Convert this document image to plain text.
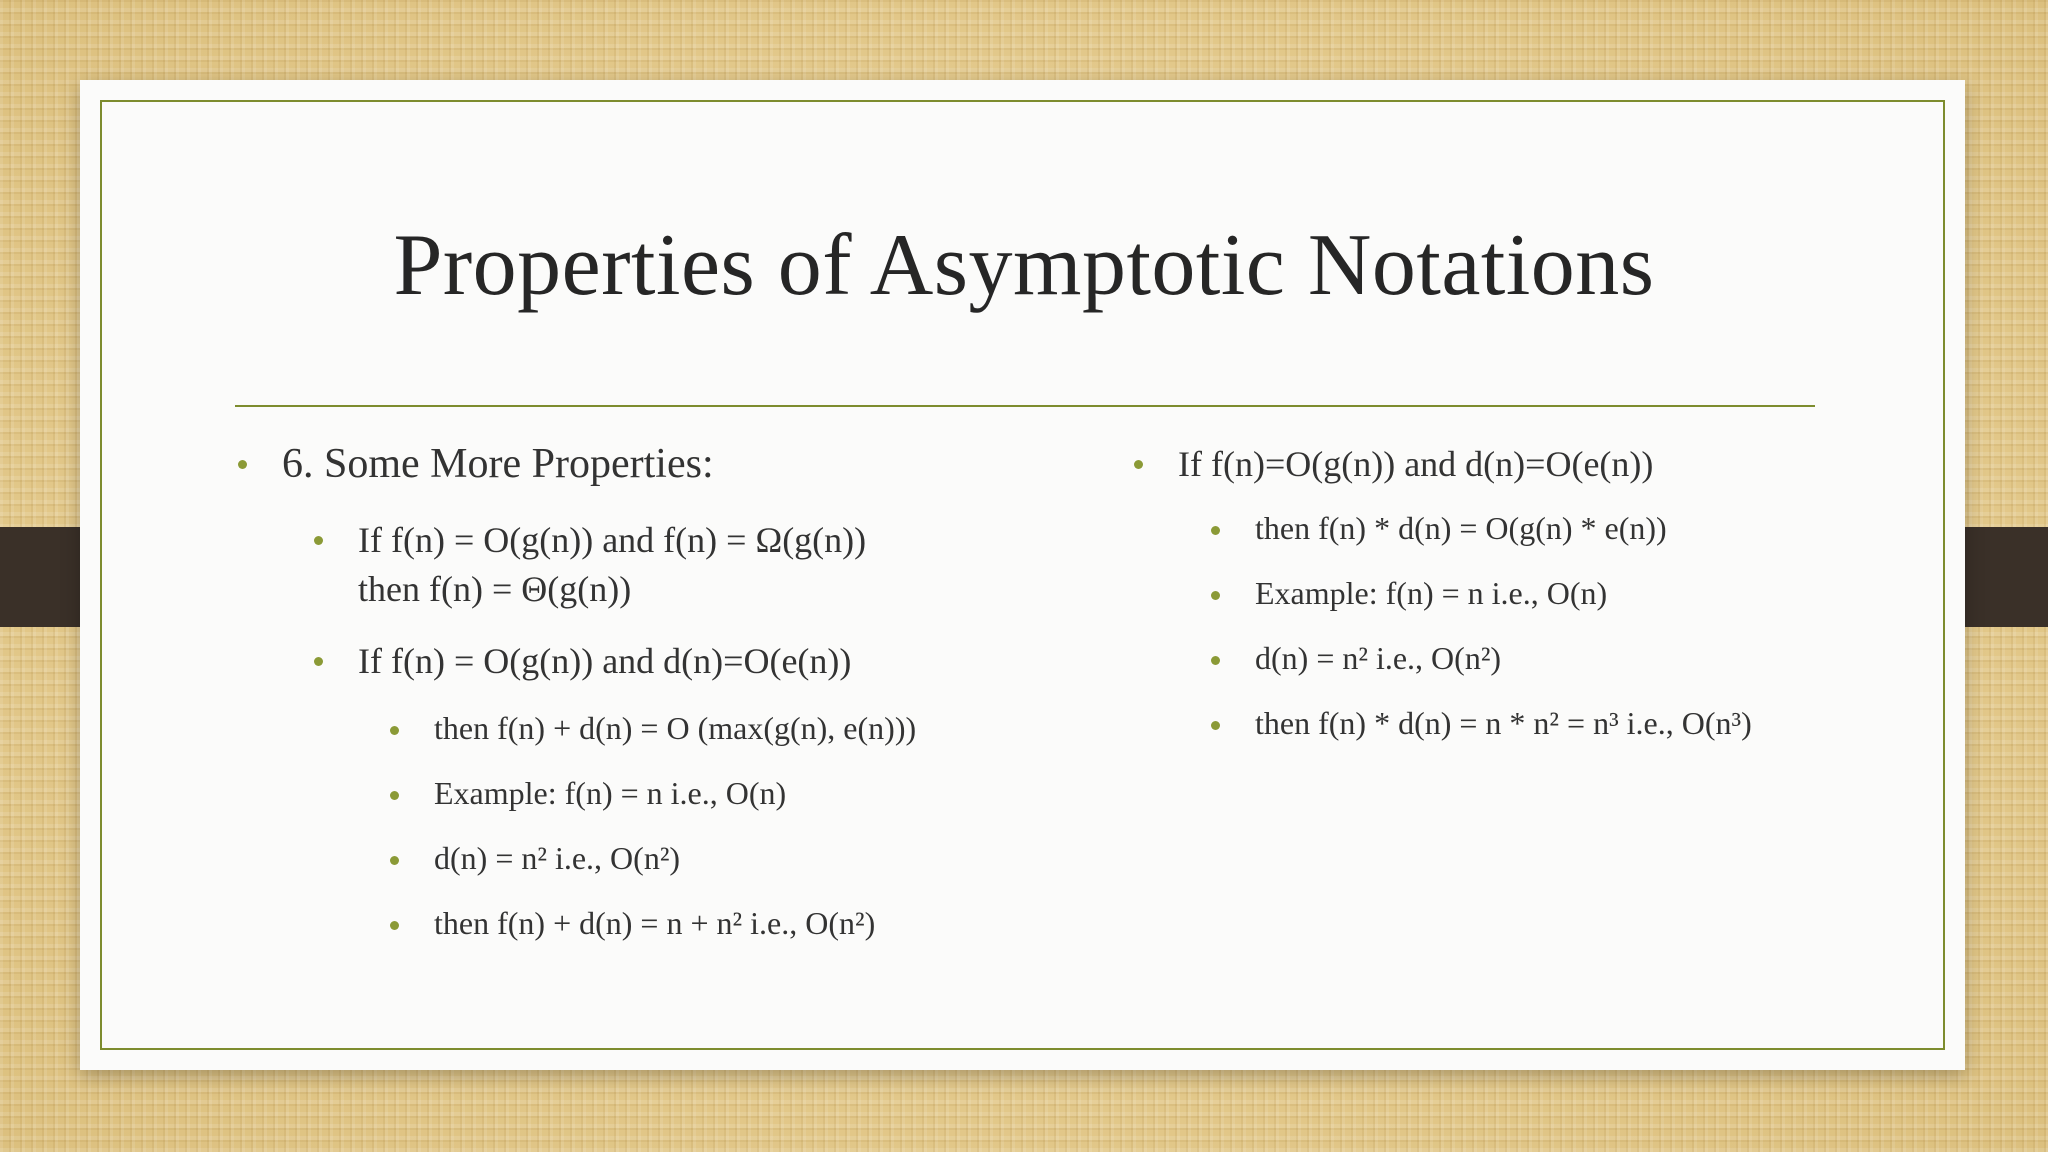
Properties of Asymptotic Notations
6. Some More Properties:
If f(n) = O(g(n)) and f(n) = Ω(g(n))
then f(n) = Θ(g(n))
If f(n) = O(g(n)) and d(n)=O(e(n))
then f(n) + d(n) = O (max(g(n), e(n)))
Example: f(n) = n i.e., O(n)
d(n) = n² i.e., O(n²)
then f(n) + d(n) = n + n² i.e., O(n²)
If f(n)=O(g(n)) and d(n)=O(e(n))
then f(n) * d(n) = O(g(n) * e(n))
Example: f(n) = n i.e., O(n)
d(n) = n² i.e., O(n²)
then f(n) * d(n) = n * n² = n³ i.e., O(n³)
